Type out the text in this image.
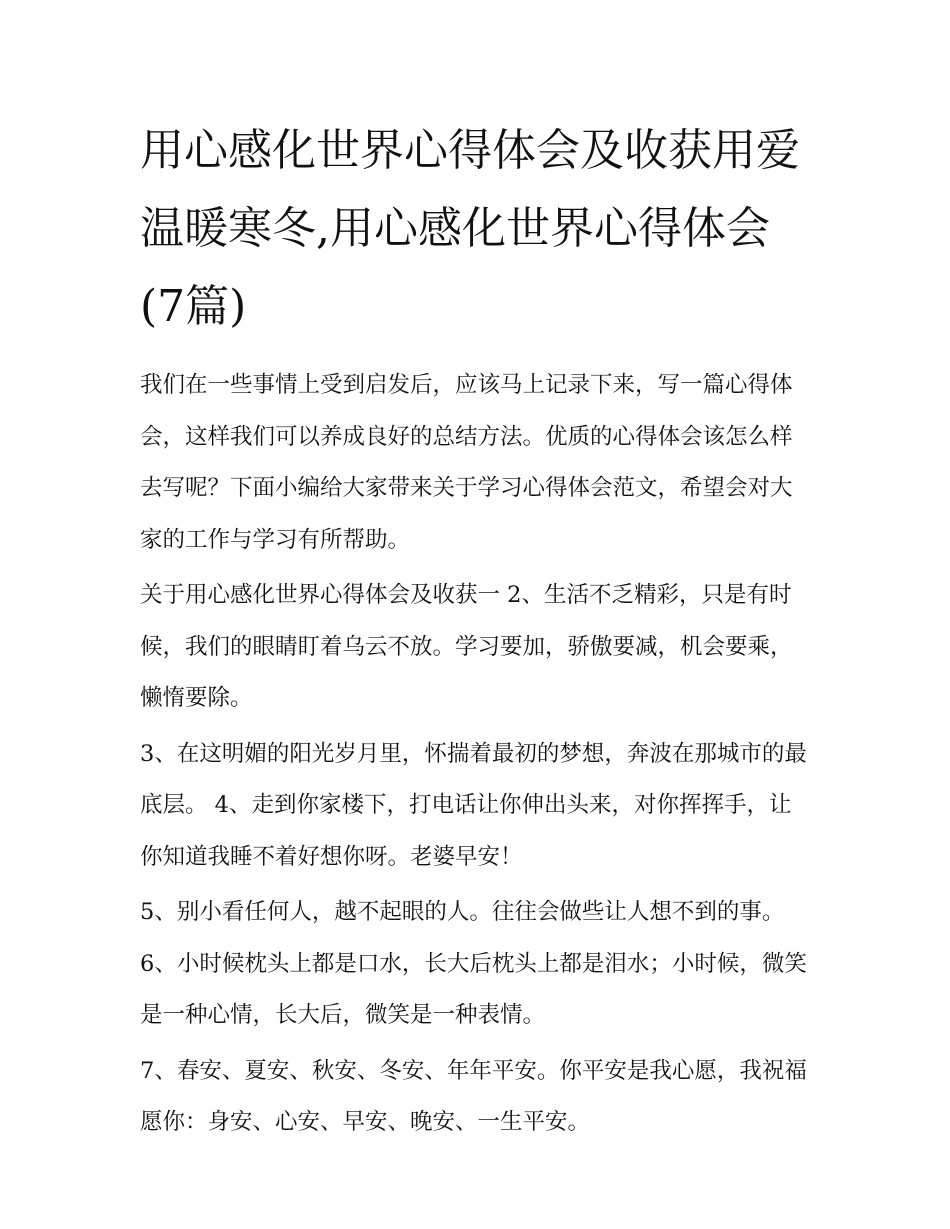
用心感化世界心得体会及收获用爱温暖寒冬,用心感化世界心得体会(7篇)

我们在一些事情上受到启发后，应该马上记录下来，写一篇心得体会，这样我们可以养成良好的总结方法。优质的心得体会该怎么样去写呢？下面小编给大家带来关于学习心得体会范文，希望会对大家的工作与学习有所帮助。

关于用心感化世界心得体会及收获一 2、生活不乏精彩，只是有时候，我们的眼睛盯着乌云不放。学习要加，骄傲要减，机会要乘，懒惰要除。

3、在这明媚的阳光岁月里，怀揣着最初的梦想，奔波在那城市的最底层。 4、走到你家楼下，打电话让你伸出头来，对你挥挥手，让你知道我睡不着好想你呀。老婆早安！

5、别小看任何人，越不起眼的人。往往会做些让人想不到的事。 6、小时候枕头上都是口水，长大后枕头上都是泪水；小时候，微笑是一种心情，长大后，微笑是一种表情。

7、春安、夏安、秋安、冬安、年年平安。你平安是我心愿，我祝福愿你：身安、心安、早安、晚安、一生平安。
